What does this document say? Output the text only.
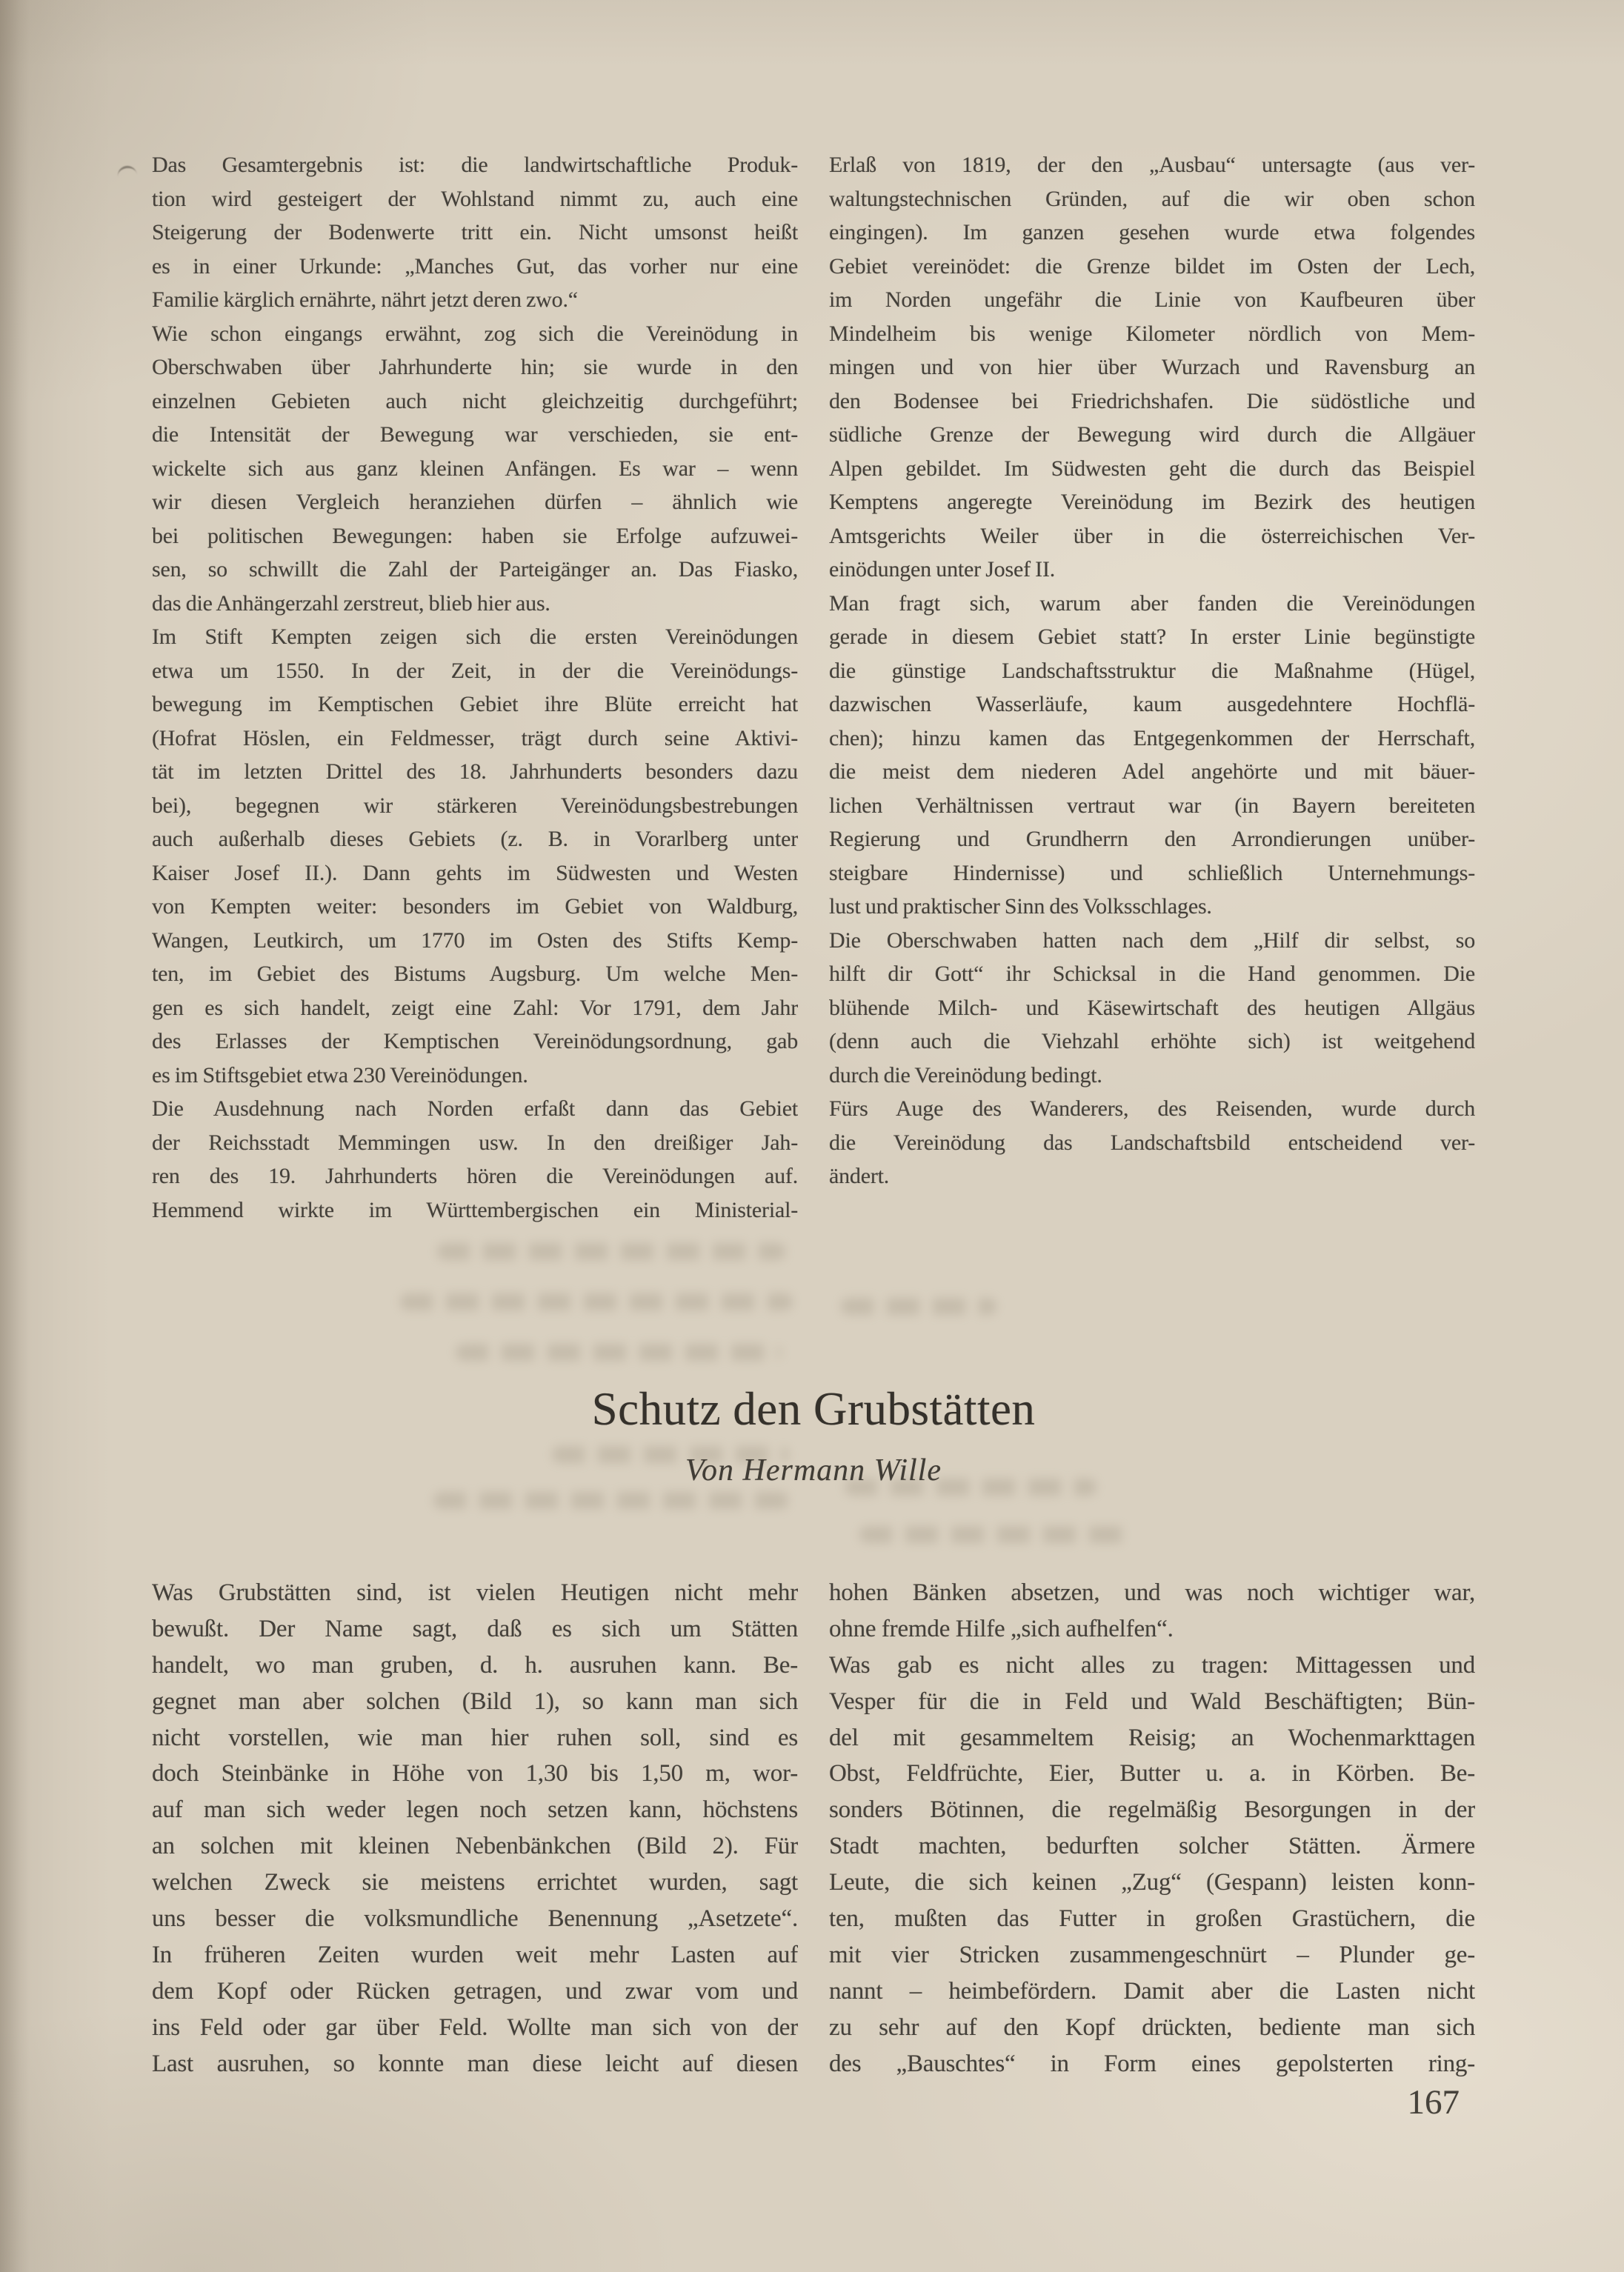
Das Gesamtergebnis ist: die landwirtschaftliche Produk-
tion wird gesteigert der Wohlstand nimmt zu, auch eine
Steigerung der Bodenwerte tritt ein. Nicht umsonst heißt
es in einer Urkunde: „Manches Gut, das vorher nur eine
Familie kärglich ernährte, nährt jetzt deren zwo.“
Wie schon eingangs erwähnt, zog sich die Vereinödung in
Oberschwaben über Jahrhunderte hin; sie wurde in den
einzelnen Gebieten auch nicht gleichzeitig durchgeführt;
die Intensität der Bewegung war verschieden, sie ent-
wickelte sich aus ganz kleinen Anfängen. Es war – wenn
wir diesen Vergleich heranziehen dürfen – ähnlich wie
bei politischen Bewegungen: haben sie Erfolge aufzuwei-
sen, so schwillt die Zahl der Parteigänger an. Das Fiasko,
das die Anhängerzahl zerstreut, blieb hier aus.
Im Stift Kempten zeigen sich die ersten Vereinödungen
etwa um 1550. In der Zeit, in der die Vereinödungs-
bewegung im Kemptischen Gebiet ihre Blüte erreicht hat
(Hofrat Höslen, ein Feldmesser, trägt durch seine Aktivi-
tät im letzten Drittel des 18. Jahrhunderts besonders dazu
bei), begegnen wir stärkeren Vereinödungsbestrebungen
auch außerhalb dieses Gebiets (z. B. in Vorarlberg unter
Kaiser Josef II.). Dann gehts im Südwesten und Westen
von Kempten weiter: besonders im Gebiet von Waldburg,
Wangen, Leutkirch, um 1770 im Osten des Stifts Kemp-
ten, im Gebiet des Bistums Augsburg. Um welche Men-
gen es sich handelt, zeigt eine Zahl: Vor 1791, dem Jahr
des Erlasses der Kemptischen Vereinödungsordnung, gab
es im Stiftsgebiet etwa 230 Vereinödungen.
Die Ausdehnung nach Norden erfaßt dann das Gebiet
der Reichsstadt Memmingen usw. In den dreißiger Jah-
ren des 19. Jahrhunderts hören die Vereinödungen auf.
Hemmend wirkte im Württembergischen ein Ministerial-
Erlaß von 1819, der den „Ausbau“ untersagte (aus ver-
waltungstechnischen Gründen, auf die wir oben schon
eingingen). Im ganzen gesehen wurde etwa folgendes
Gebiet vereinödet: die Grenze bildet im Osten der Lech,
im Norden ungefähr die Linie von Kaufbeuren über
Mindelheim bis wenige Kilometer nördlich von Mem-
mingen und von hier über Wurzach und Ravensburg an
den Bodensee bei Friedrichshafen. Die südöstliche und
südliche Grenze der Bewegung wird durch die Allgäuer
Alpen gebildet. Im Südwesten geht die durch das Beispiel
Kemptens angeregte Vereinödung im Bezirk des heutigen
Amtsgerichts Weiler über in die österreichischen Ver-
einödungen unter Josef II.
Man fragt sich, warum aber fanden die Vereinödungen
gerade in diesem Gebiet statt? In erster Linie begünstigte
die günstige Landschaftsstruktur die Maßnahme (Hügel,
dazwischen Wasserläufe, kaum ausgedehntere Hochflä-
chen); hinzu kamen das Entgegenkommen der Herrschaft,
die meist dem niederen Adel angehörte und mit bäuer-
lichen Verhältnissen vertraut war (in Bayern bereiteten
Regierung und Grundherrn den Arrondierungen unüber-
steigbare Hindernisse) und schließlich Unternehmungs-
lust und praktischer Sinn des Volksschlages.
Die Oberschwaben hatten nach dem „Hilf dir selbst, so
hilft dir Gott“ ihr Schicksal in die Hand genommen. Die
blühende Milch- und Käsewirtschaft des heutigen Allgäus
(denn auch die Viehzahl erhöhte sich) ist weitgehend
durch die Vereinödung bedingt.
Fürs Auge des Wanderers, des Reisenden, wurde durch
die Vereinödung das Landschaftsbild entscheidend ver-
ändert.
Schutz den Grubstätten
Von Hermann Wille
Was Grubstätten sind, ist vielen Heutigen nicht mehr
bewußt. Der Name sagt, daß es sich um Stätten
handelt, wo man gruben, d. h. ausruhen kann. Be-
gegnet man aber solchen (Bild 1), so kann man sich
nicht vorstellen, wie man hier ruhen soll, sind es
doch Steinbänke in Höhe von 1,30 bis 1,50 m, wor-
auf man sich weder legen noch setzen kann, höchstens
an solchen mit kleinen Nebenbänkchen (Bild 2). Für
welchen Zweck sie meistens errichtet wurden, sagt
uns besser die volksmundliche Benennung „Asetzete“.
In früheren Zeiten wurden weit mehr Lasten auf
dem Kopf oder Rücken getragen, und zwar vom und
ins Feld oder gar über Feld. Wollte man sich von der
Last ausruhen, so konnte man diese leicht auf diesen
hohen Bänken absetzen, und was noch wichtiger war,
ohne fremde Hilfe „sich aufhelfen“.
Was gab es nicht alles zu tragen: Mittagessen und
Vesper für die in Feld und Wald Beschäftigten; Bün-
del mit gesammeltem Reisig; an Wochenmarkttagen
Obst, Feldfrüchte, Eier, Butter u. a. in Körben. Be-
sonders Bötinnen, die regelmäßig Besorgungen in der
Stadt machten, bedurften solcher Stätten. Ärmere
Leute, die sich keinen „Zug“ (Gespann) leisten konn-
ten, mußten das Futter in großen Grastüchern, die
mit vier Stricken zusammengeschnürt – Plunder ge-
nannt – heimbefördern. Damit aber die Lasten nicht
zu sehr auf den Kopf drückten, bediente man sich
des „Bauschtes“ in Form eines gepolsterten ring-
167
